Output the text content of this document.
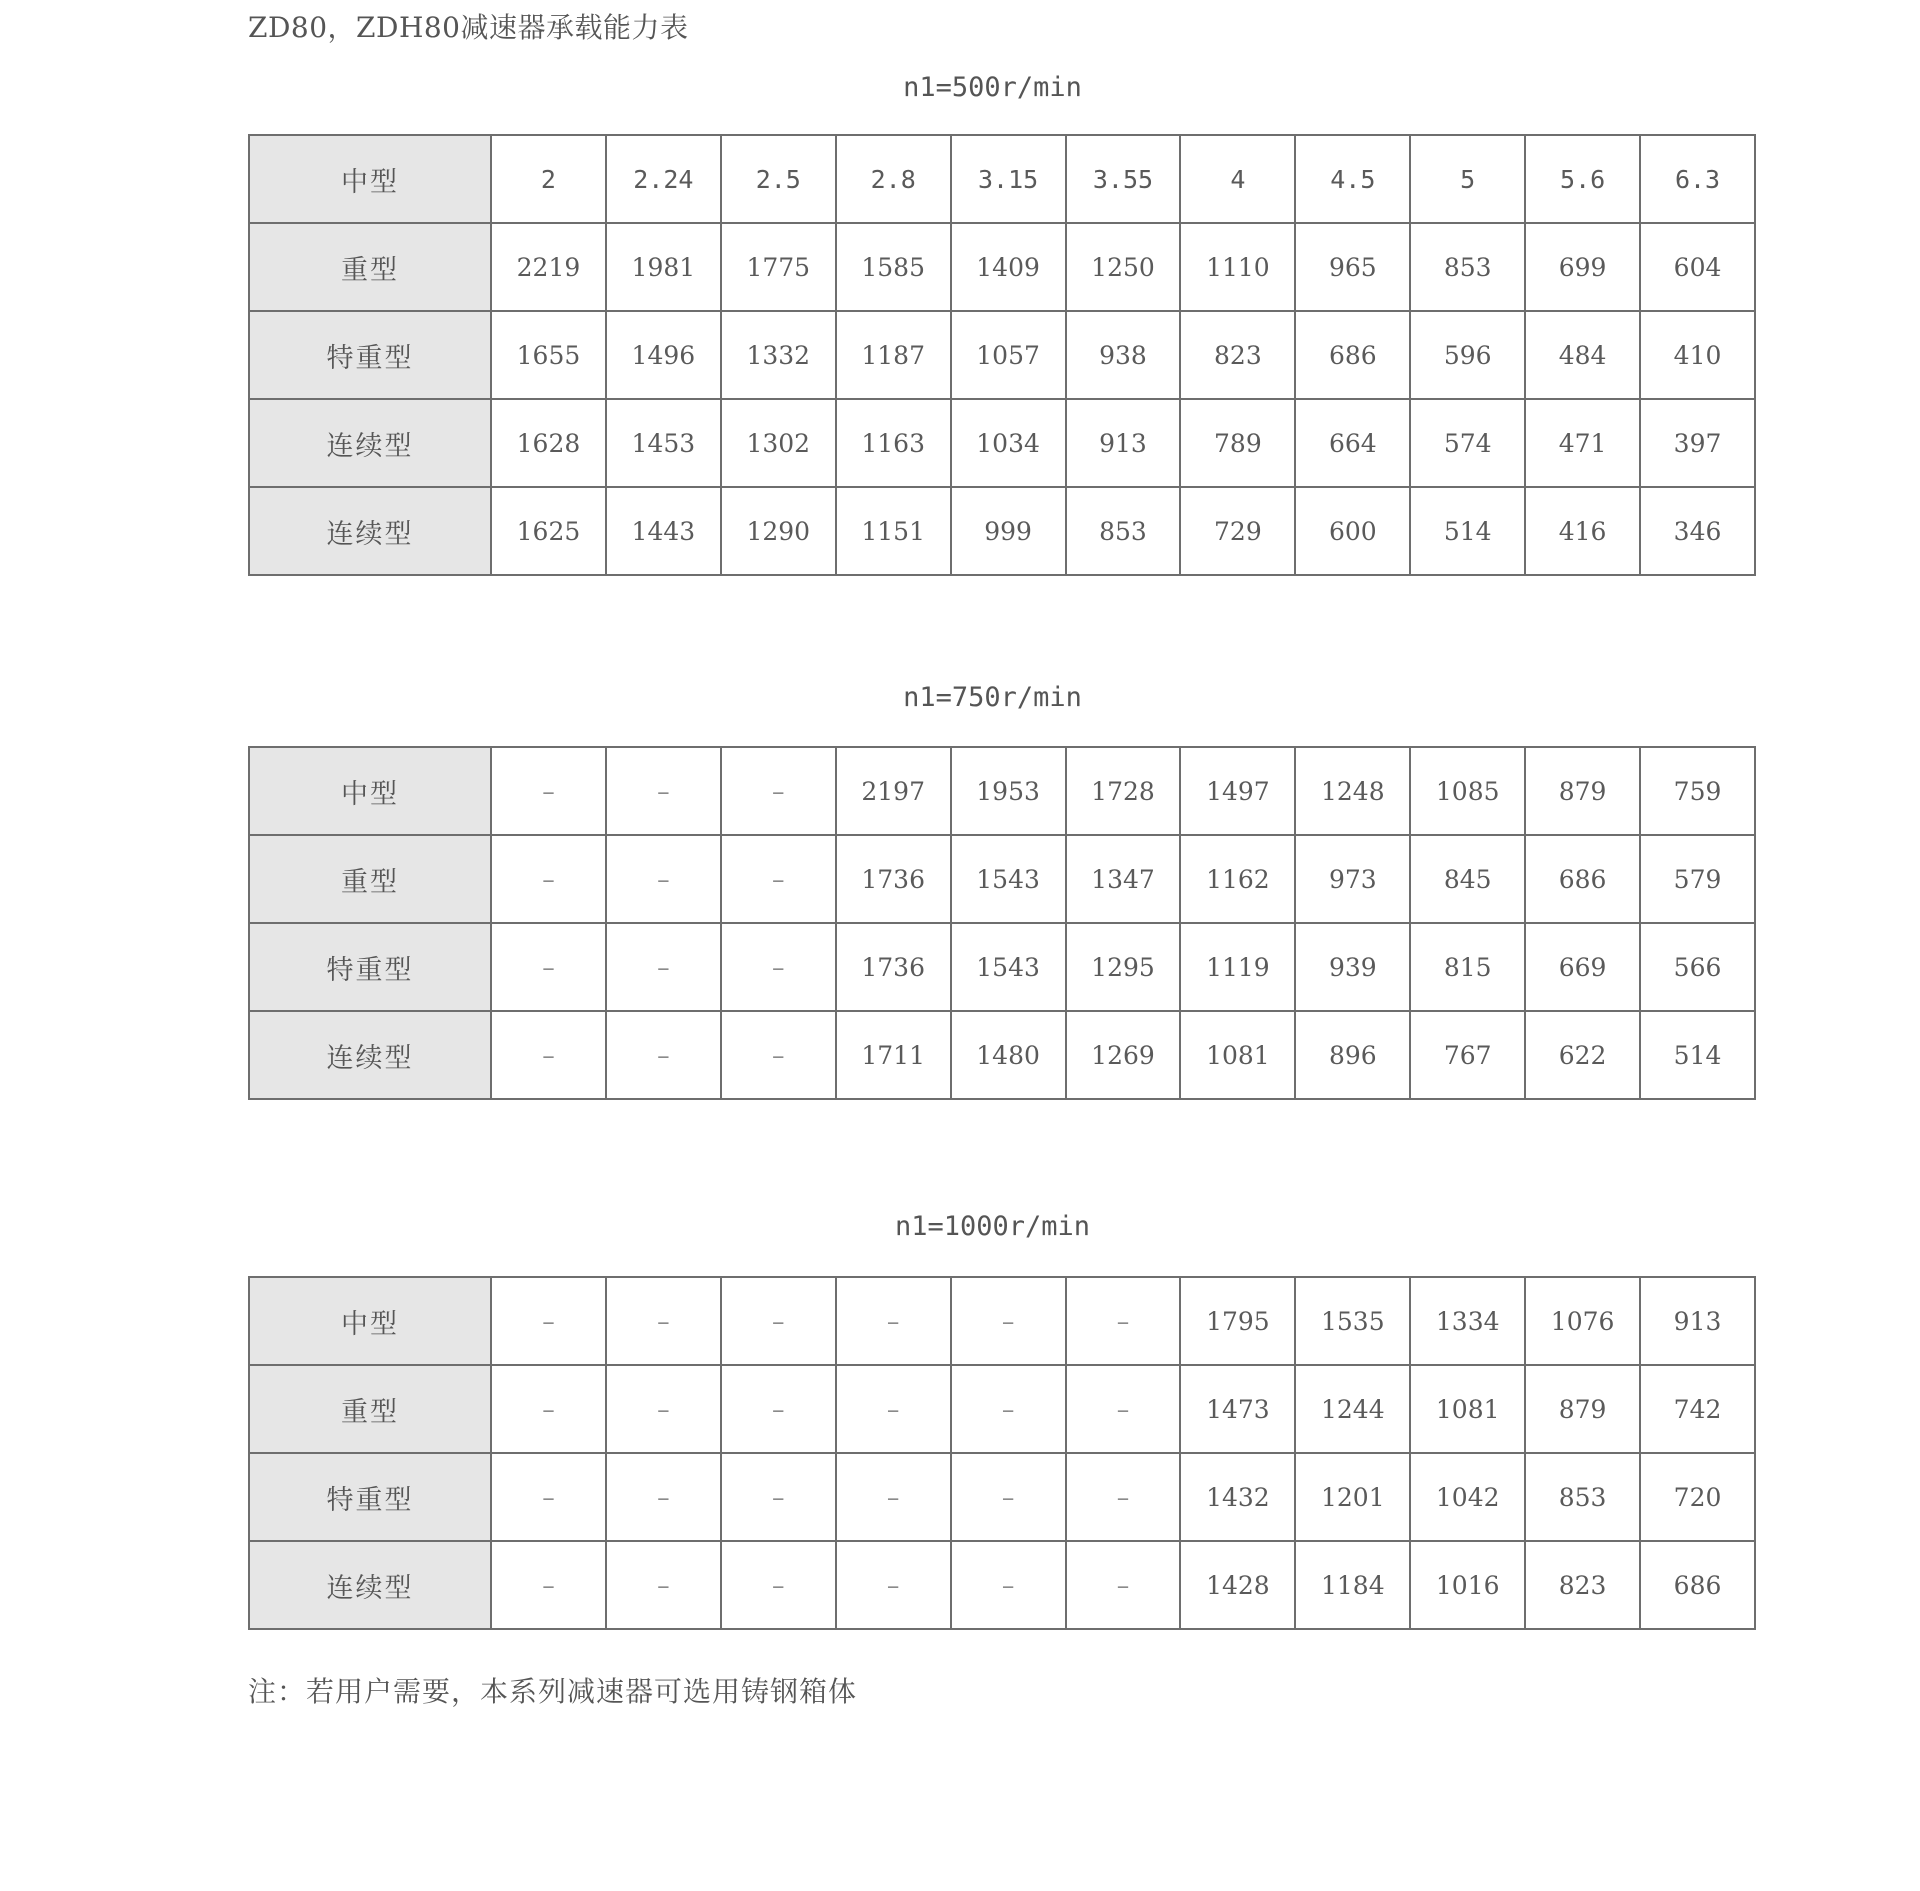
ZD80，ZDH80减速器承载能力表
n1=500r/min
中型	2	2.24	2.5	2.8	3.15	3.55	4	4.5	5	5.6	6.3
重型	2219	1981	1775	1585	1409	1250	1110	965	853	699	604
特重型	1655	1496	1332	1187	1057	938	823	686	596	484	410
连续型	1628	1453	1302	1163	1034	913	789	664	574	471	397
连续型	1625	1443	1290	1151	999	853	729	600	514	416	346
n1=750r/min
中型	–	–	–	2197	1953	1728	1497	1248	1085	879	759
重型	–	–	–	1736	1543	1347	1162	973	845	686	579
特重型	–	–	–	1736	1543	1295	1119	939	815	669	566
连续型	–	–	–	1711	1480	1269	1081	896	767	622	514
n1=1000r/min
中型	–	–	–	–	–	–	1795	1535	1334	1076	913
重型	–	–	–	–	–	–	1473	1244	1081	879	742
特重型	–	–	–	–	–	–	1432	1201	1042	853	720
连续型	–	–	–	–	–	–	1428	1184	1016	823	686
注：若用户需要，本系列减速器可选用铸钢箱体
